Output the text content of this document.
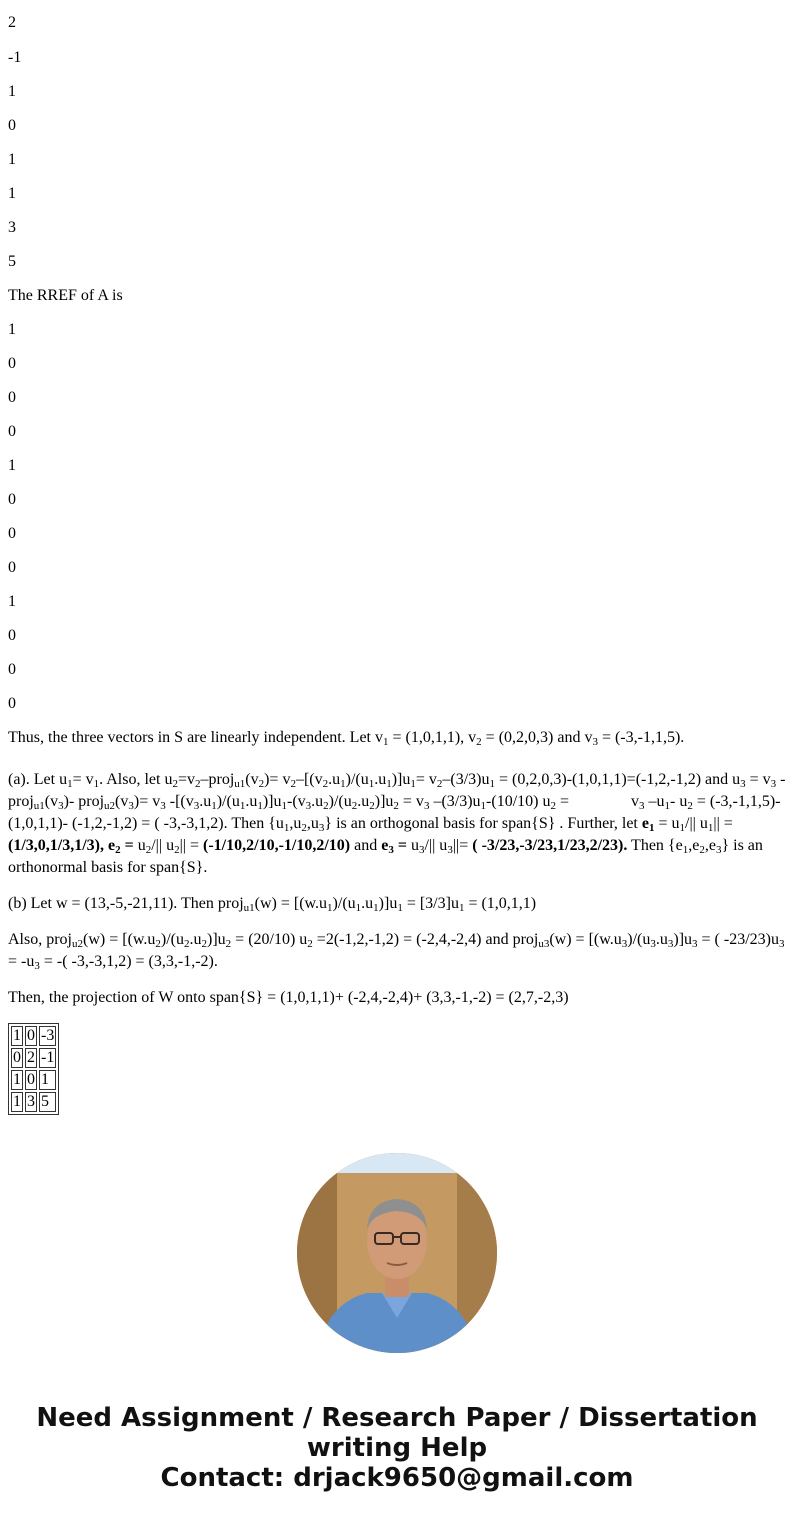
2

-1

1

0

1

1

3

5

The RREF of A is

1

0

0

0

1

0

0

0

1

0

0

0

Thus, the three vectors in S are linearly independent. Let $v_1 = (1,0,1,1)$, $v_2 = (0,2,0,3)$ and $v_3 = (-3,-1,1,5)$.

(a). Let $u_1= v_1$. Also, let $u_2=v_2-proj_{u1}(v_2)= v_2-[(v_2.u_1)/(u_1.u_1)]u_1= v_2-(3/3)u_1 = (0,2,0,3)-(1,0,1,1)=(-1,2,-1,2)$ and $u_3 = v_3$ - $proj_{u1}(v_3)-$ $proj_{u2}(v_3)= v_3$ $-[(v_3.u_1)/(u_1.u_1)]u_1-(v_3.u_2)/(u_2.u_2)]u_2 = v_3$ $-(3/3)u_1-(10/10) u_2$ =	$v_3$ $-u_1-$ $u_2 = (-3,-1,1,5)-$ (1,0,1,1)- (-1,2,-1,2) = ( -3,-3,1,2). Then $\{u_1,u_2,u_3\}$ is an orthogonal basis for span{S} . Further, let $e_1 = u_1/||$ $u_1|| = (1/3,0,1/3,1/3)$, $e_2 = u_2/||$ $u_2|| = (-1/10,2/10,-1/10,2/10)$ and $e_3 = u_3/||$ $u_3||=$ ( -3/23,-3/23,1/23,2/23). Then $\{e_1,e_2,e_3\}$ is an orthonormal basis for span{S}.

(b) Let w = (13,-5,-21,11). Then proj$_{u1}$(w) = $[(w.u_1)/(u_1.u_1)]u_1 = [3/3]u_1 = (1,0,1,1)$

Also, proj$_{u2}$(w) = $[(w.u_2)/(u_2.u_2)]u_2 = (20/10)$ $u_2 =2(-1,2,-1,2) = (-2,4,-2,4)$ and proj$_{u3}$(w) = $[(w.u_3)/(u_3.u_3)]u_3$ = ( $-23/23)u_3 = -u_3$ = -( -3,-3,1,2) = (3,3,-1,-2).

Then, the projection of W onto span{S} = (1,0,1,1)+ (-2,4,-2,4)+ (3,3,-1,-2) = (2,7,-2,3)

1	0	-3
0	2	-1
1	0	1
1	3	5
Need Assignment / Research Paper / Dissertation
writing Help
Contact: drjack9650@gmail.com
